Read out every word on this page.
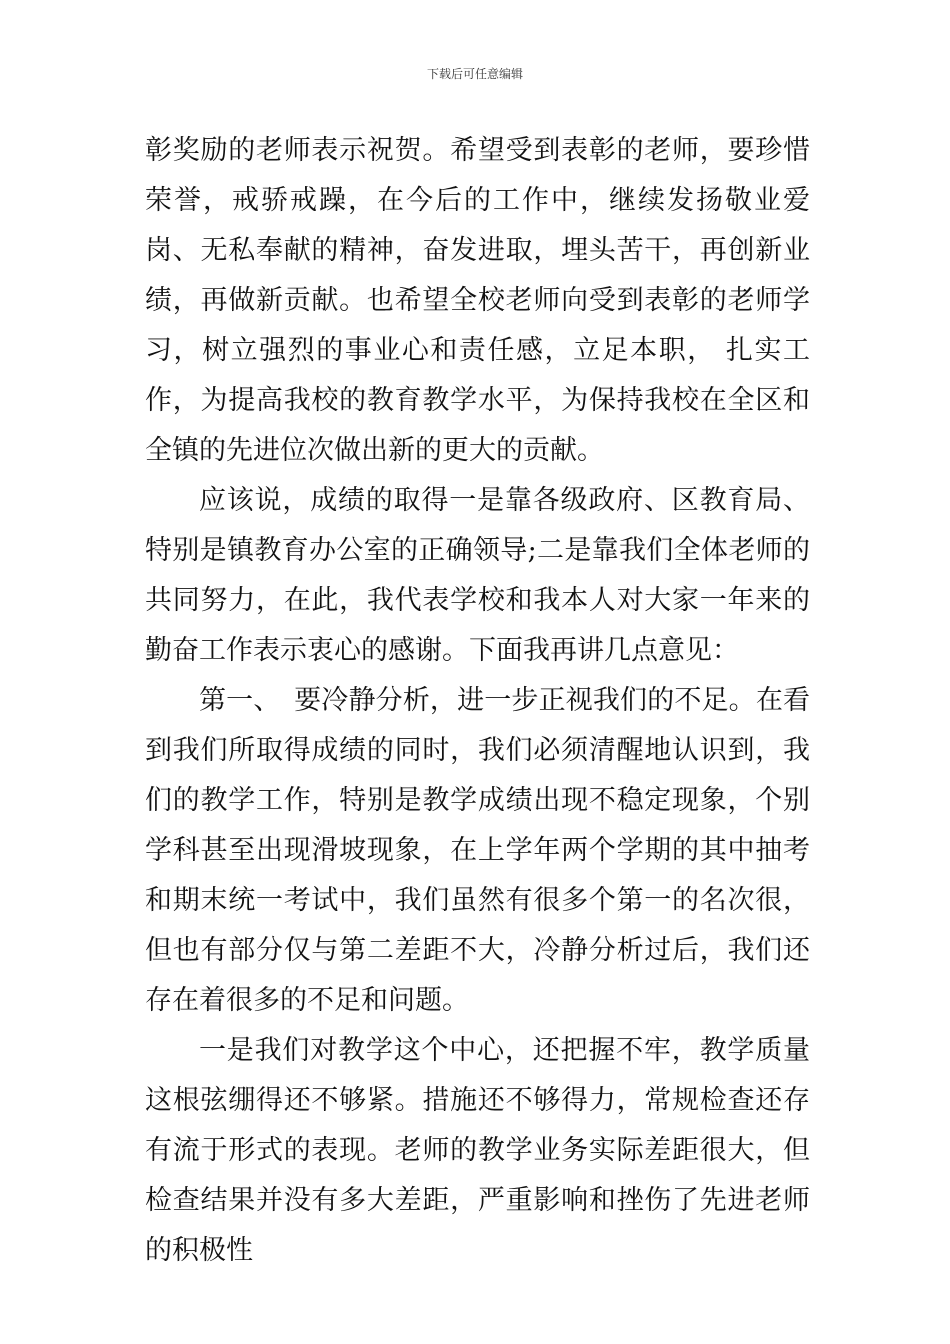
下载后可任意编辑

彰奖励的老师表示祝贺。希望受到表彰的老师，要珍惜荣誉，戒骄戒躁，在今后的工作中，继续发扬敬业爱岗、无私奉献的精神，奋发进取，埋头苦干，再创新业绩，再做新贡献。也希望全校老师向受到表彰的老师学习，树立强烈的事业心和责任感，立足本职， 扎实工作，为提高我校的教育教学水平，为保持我校在全区和全镇的先进位次做出新的更大的贡献。

应该说，成绩的取得一是靠各级政府、区教育局、特别是镇教育办公室的正确领导;二是靠我们全体老师的共同努力，在此，我代表学校和我本人对大家一年来的勤奋工作表示衷心的感谢。下面我再讲几点意见：

第一、　要冷静分析，进一步正视我们的不足。在看到我们所取得成绩的同时，我们必须清醒地认识到，我们的教学工作，特别是教学成绩出现不稳定现象，个别学科甚至出现滑坡现象，在上学年两个学期的其中抽考和期末统一考试中，我们虽然有很多个第一的名次很，但也有部分仅与第二差距不大，冷静分析过后，我们还存在着很多的不足和问题。

一是我们对教学这个中心，还把握不牢，教学质量这根弦绷得还不够紧。措施还不够得力，常规检查还存有流于形式的表现。老师的教学业务实际差距很大，但检查结果并没有多大差距，严重影响和挫伤了先进老师的积极性
